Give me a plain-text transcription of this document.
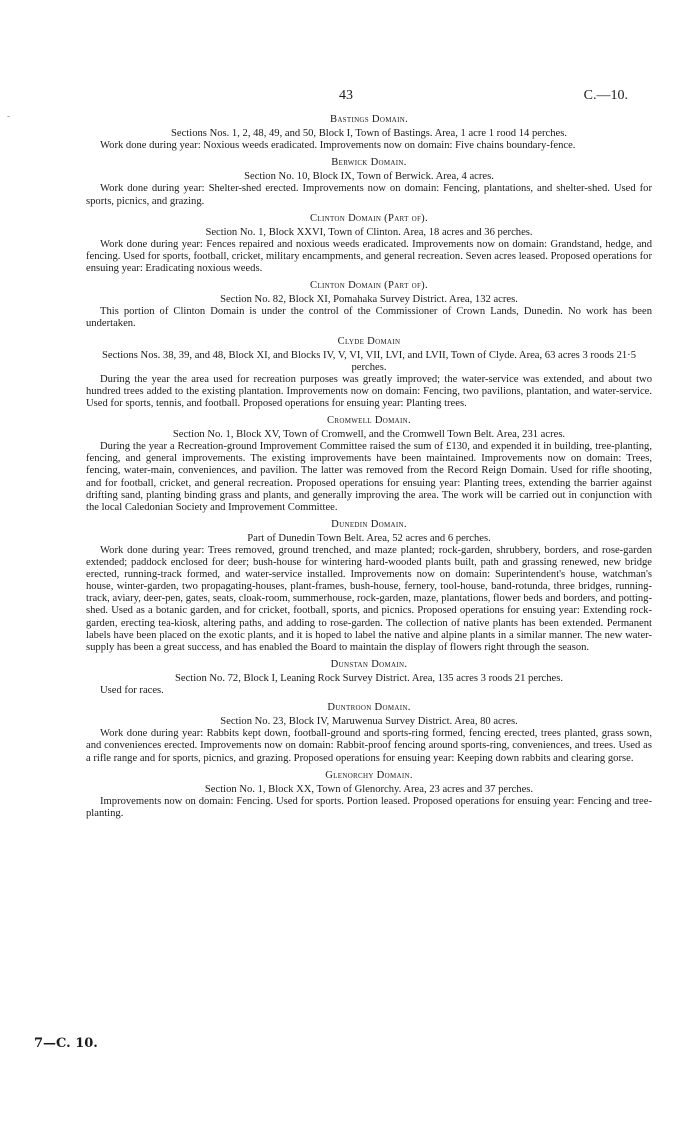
-
43	C.—10.
Bastings Domain.
Sections Nos. 1, 2, 48, 49, and 50, Block I, Town of Bastings. Area, 1 acre 1 rood 14 perches.

Work done during year: Noxious weeds eradicated. Improvements now on domain: Five chains boundary-fence.

Berwick Domain.
Section No. 10, Block IX, Town of Berwick. Area, 4 acres.

Work done during year: Shelter-shed erected. Improvements now on domain: Fencing, plantations, and shelter-shed. Used for sports, picnics, and grazing.

Clinton Domain (Part of).
Section No. 1, Block XXVI, Town of Clinton. Area, 18 acres and 36 perches.

Work done during year: Fences repaired and noxious weeds eradicated. Improvements now on domain: Grandstand, hedge, and fencing. Used for sports, football, cricket, military encampments, and general recreation. Seven acres leased. Proposed operations for ensuing year: Eradicating noxious weeds.

Clinton Domain (Part of).
Section No. 82, Block XI, Pomahaka Survey District. Area, 132 acres.

This portion of Clinton Domain is under the control of the Commissioner of Crown Lands, Dunedin. No work has been undertaken.

Clyde Domain
Sections Nos. 38, 39, and 48, Block XI, and Blocks IV, V, VI, VII, LVI, and LVII, Town of Clyde. Area, 63 acres 3 roods 21·5 perches.

During the year the area used for recreation purposes was greatly improved; the water-service was extended, and about two hundred trees added to the existing plantation. Improvements now on domain: Fencing, two pavilions, plantation, and water-service. Used for sports, tennis, and football. Proposed operations for ensuing year: Planting trees.

Cromwell Domain.
Section No. 1, Block XV, Town of Cromwell, and the Cromwell Town Belt. Area, 231 acres.

During the year a Recreation-ground Improvement Committee raised the sum of £130, and expended it in building, tree-planting, fencing, and general improvements. The existing improvements have been maintained. Improvements now on domain: Trees, fencing, water-main, conveniences, and pavilion. The latter was removed from the Record Reign Domain. Used for rifle shooting, and for football, cricket, and general recreation. Proposed operations for ensuing year: Planting trees, extending the barrier against drifting sand, planting binding grass and plants, and generally improving the area. The work will be carried out in conjunction with the local Caledonian Society and Improvement Committee.

Dunedin Domain.
Part of Dunedin Town Belt. Area, 52 acres and 6 perches.

Work done during year: Trees removed, ground trenched, and maze planted; rock-garden, shrubbery, borders, and rose-garden extended; paddock enclosed for deer; bush-house for wintering hard-wooded plants built, path and grassing renewed, new bridge erected, running-track formed, and water-service installed. Improvements now on domain: Superintendent's house, watchman's house, winter-garden, two propagating-houses, plant-frames, bush-house, fernery, tool-house, band-rotunda, three bridges, running-track, aviary, deer-pen, gates, seats, cloak-room, summerhouse, rock-garden, maze, plantations, flower beds and borders, and potting-shed. Used as a botanic garden, and for cricket, football, sports, and picnics. Proposed operations for ensuing year: Extending rock-garden, erecting tea-kiosk, altering paths, and adding to rose-garden. The collection of native plants has been extended. Permanent labels have been placed on the exotic plants, and it is hoped to label the native and alpine plants in a similar manner. The new water-supply has been a great success, and has enabled the Board to maintain the display of flowers right through the season.

Dunstan Domain.
Section No. 72, Block I, Leaning Rock Survey District. Area, 135 acres 3 roods 21 perches.

Used for races.

Duntroon Domain.
Section No. 23, Block IV, Maruwenua Survey District. Area, 80 acres.

Work done during year: Rabbits kept down, football-ground and sports-ring formed, fencing erected, trees planted, grass sown, and conveniences erected. Improvements now on domain: Rabbit-proof fencing around sports-ring, conveniences, and trees. Used as a rifle range and for sports, picnics, and grazing. Proposed operations for ensuing year: Keeping down rabbits and clearing gorse.

Glenorchy Domain.
Section No. 1, Block XX, Town of Glenorchy. Area, 23 acres and 37 perches.

Improvements now on domain: Fencing. Used for sports. Portion leased. Proposed operations for ensuing year: Fencing and tree-planting.

7—C. 10.
